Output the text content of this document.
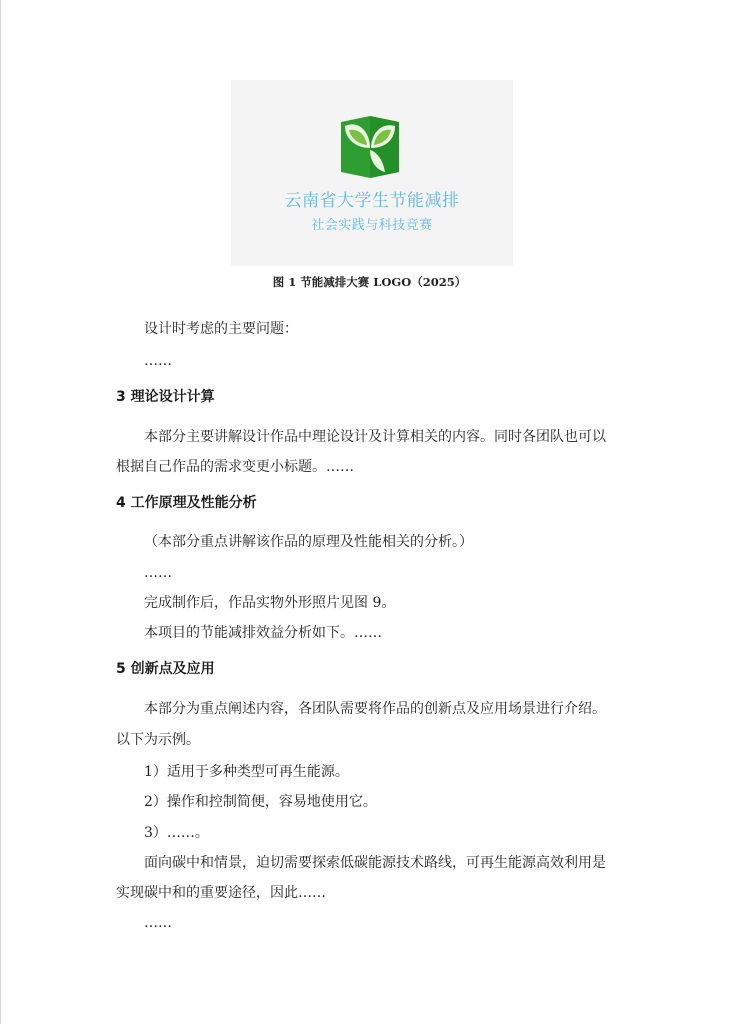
云南省大学生节能减排
社会实践与科技竞赛
图 1 节能减排大赛 LOGO（2025）
设计时考虑的主要问题：
……
3 理论设计计算
本部分主要讲解设计作品中理论设计及计算相关的内容。同时各团队也可以
根据自己作品的需求变更小标题。……
4 工作原理及性能分析
（本部分重点讲解该作品的原理及性能相关的分析。）
……
完成制作后，作品实物外形照片见图 9。
本项目的节能减排效益分析如下。……
5 创新点及应用
本部分为重点阐述内容，各团队需要将作品的创新点及应用场景进行介绍。
以下为示例。
1）适用于多种类型可再生能源。
2）操作和控制简便，容易地使用它。
3）……。
面向碳中和情景，迫切需要探索低碳能源技术路线，可再生能源高效利用是
实现碳中和的重要途径，因此……
……
